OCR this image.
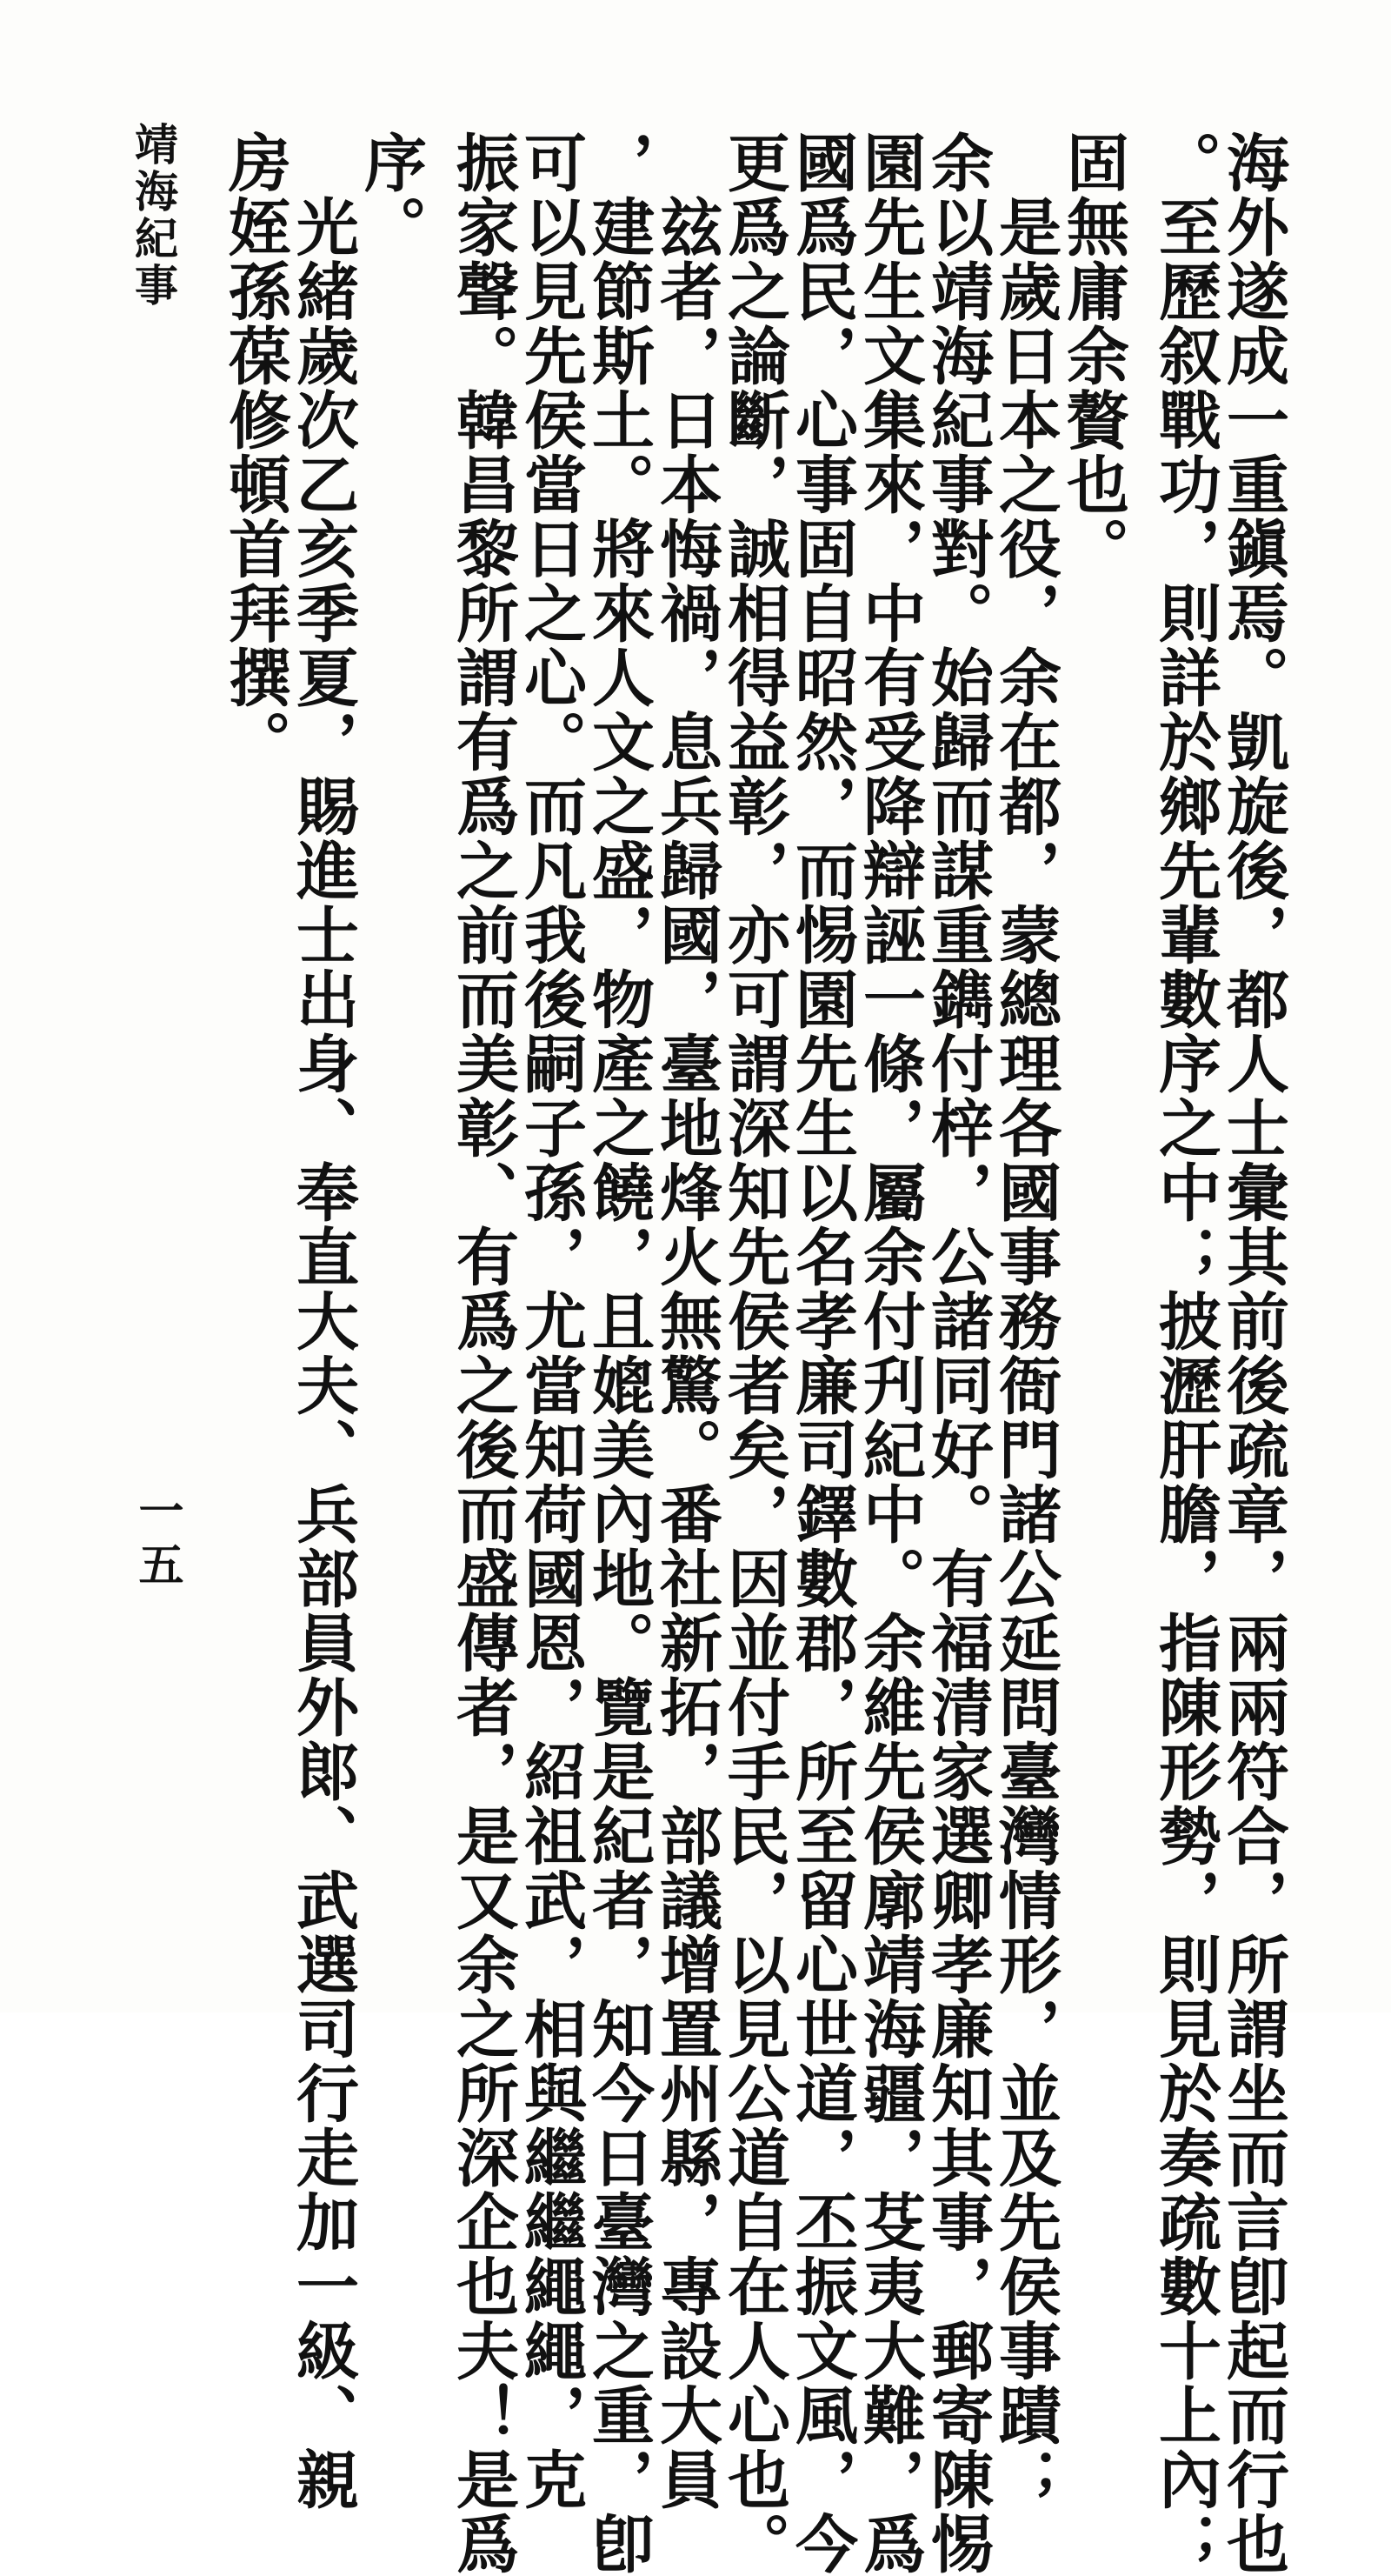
海外遂成一重鎭焉。凱旋後，都人士彙其前後疏章，兩兩符合，所謂坐而言卽起而行也

。至歷叙戰功，則詳於鄉先輩數序之中；披瀝肝膽，指陳形勢，則見於奏疏數十上內；

固無庸余贅也。

　是歲日本之役，余在都，蒙總理各國事務衙門諸公延問臺灣情形，並及先侯事蹟；

余以靖海紀事對。始歸而謀重鐫付梓，公諸同好。有福清家選卿孝廉知其事，郵寄陳惕

園先生文集來，中有受降辯誣一條，屬余付刋紀中。余維先侯廓靖海疆，芟夷大難，爲

國爲民，心事固自昭然，而惕園先生以名孝廉司鐸數郡，所至留心世道，丕振文風，今

更爲之論斷，誠相得益彰，亦可謂深知先侯者矣，因並付手民，以見公道自在人心也。

　玆者，日本悔禍，息兵歸國，臺地烽火無驚。番社新拓，部議增置州縣，專設大員

，建節斯土。將來人文之盛，物產之饒，且媲美內地。覽是紀者，知今日臺灣之重，卽

可以見先侯當日之心。而凡我後嗣子孫，尤當知荷國恩，紹祖武，相與繼繼繩繩，克

振家聲。韓昌黎所謂有爲之前而美彰、有爲之後而盛傳者，是又余之所深企也夫！是爲

序。

　光緒歲次乙亥季夏，賜進士出身、奉直大夫、兵部員外郞、武選司行走加一級、親

房姪孫葆修頓首拜撰。

靖海紀事
一五
